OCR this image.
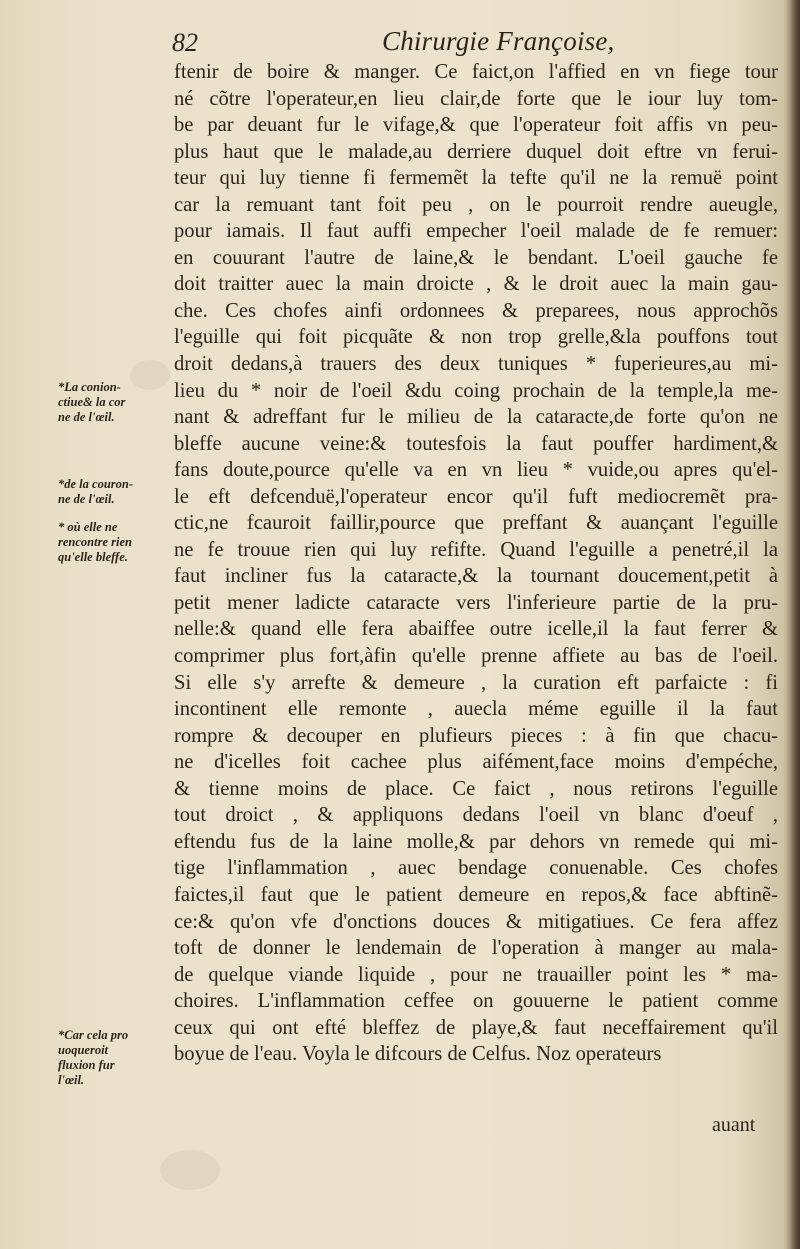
82	Chirurgie Françoise,
ftenir de boire & manger. Ce faict,on l'affied en vn fiege tour
né cõtre l'operateur,en lieu clair,de forte que le iour luy tom-
be par deuant fur le vifage,& que l'operateur foit affis vn peu-
plus haut que le malade,au derriere duquel doit eftre vn ferui-
teur qui luy tienne fi fermemẽt la tefte qu'il ne la remuë point
car la remuant tant foit peu , on le pourroit rendre aueugle,
pour iamais. Il faut auffi empecher l'oeil malade de fe remuer:
en couurant l'autre de laine,& le bendant. L'oeil gauche fe
doit traitter auec la main droicte , & le droit auec la main gau-
che. Ces chofes ainfi ordonnees & preparees, nous approchõs
l'eguille qui foit picquãte & non trop grelle,&la pouffons tout
droit dedans,à trauers des deux tuniques * fuperieures,au mi-
lieu du * noir de l'oeil &du coing prochain de la temple,la me-
nant & adreffant fur le milieu de la cataracte,de forte qu'on ne
bleffe aucune veine:& toutesfois la faut pouffer hardiment,&
fans doute,pource qu'elle va en vn lieu * vuide,ou apres qu'el-
le eft defcenduë,l'operateur encor qu'il fuft mediocremẽt pra-
ctic,ne fcauroit faillir,pource que preffant & auançant l'eguille
ne fe trouue rien qui luy refifte. Quand l'eguille a penetré,il la
faut incliner fus la cataracte,& la tournant doucement,petit à
petit mener ladicte cataracte vers l'inferieure partie de la pru-
nelle:& quand elle fera abaiffee outre icelle,il la faut ferrer &
comprimer plus fort,àfin qu'elle prenne affiete au bas de l'oeil.
Si elle s'y arrefte & demeure , la curation eft parfaicte : fi
incontinent elle remonte , auecla méme eguille il la faut
rompre & decouper en plufieurs pieces : à fin que chacu-
ne d'icelles foit cachee plus aifément,face moins d'empéche,
& tienne moins de place. Ce faict , nous retirons l'eguille
tout droict , & appliquons dedans l'oeil vn blanc d'oeuf ,
eftendu fus de la laine molle,& par dehors vn remede qui mi-
tige l'inflammation , auec bendage conuenable. Ces chofes
faictes,il faut que le patient demeure en repos,& face abftinẽ-
ce:& qu'on vfe d'onctions douces & mitigatiues. Ce fera affez
toft de donner le lendemain de l'operation à manger au mala-
de quelque viande liquide , pour ne trauailler point les * ma-
choires. L'inflammation ceffee on gouuerne le patient comme
ceux qui ont efté bleffez de playe,& faut neceffairement qu'il
boyue de l'eau. Voyla le difcours de Celfus. Noz operateurs
auant
*La conion-
ctiue& la cor
ne de l'œil.
*de la couron-
ne de l'œil.
* où elle ne
rencontre rien
qu'elle bleffe.
*Car cela pro
uoqueroit
fluxion fur
l'œil.
